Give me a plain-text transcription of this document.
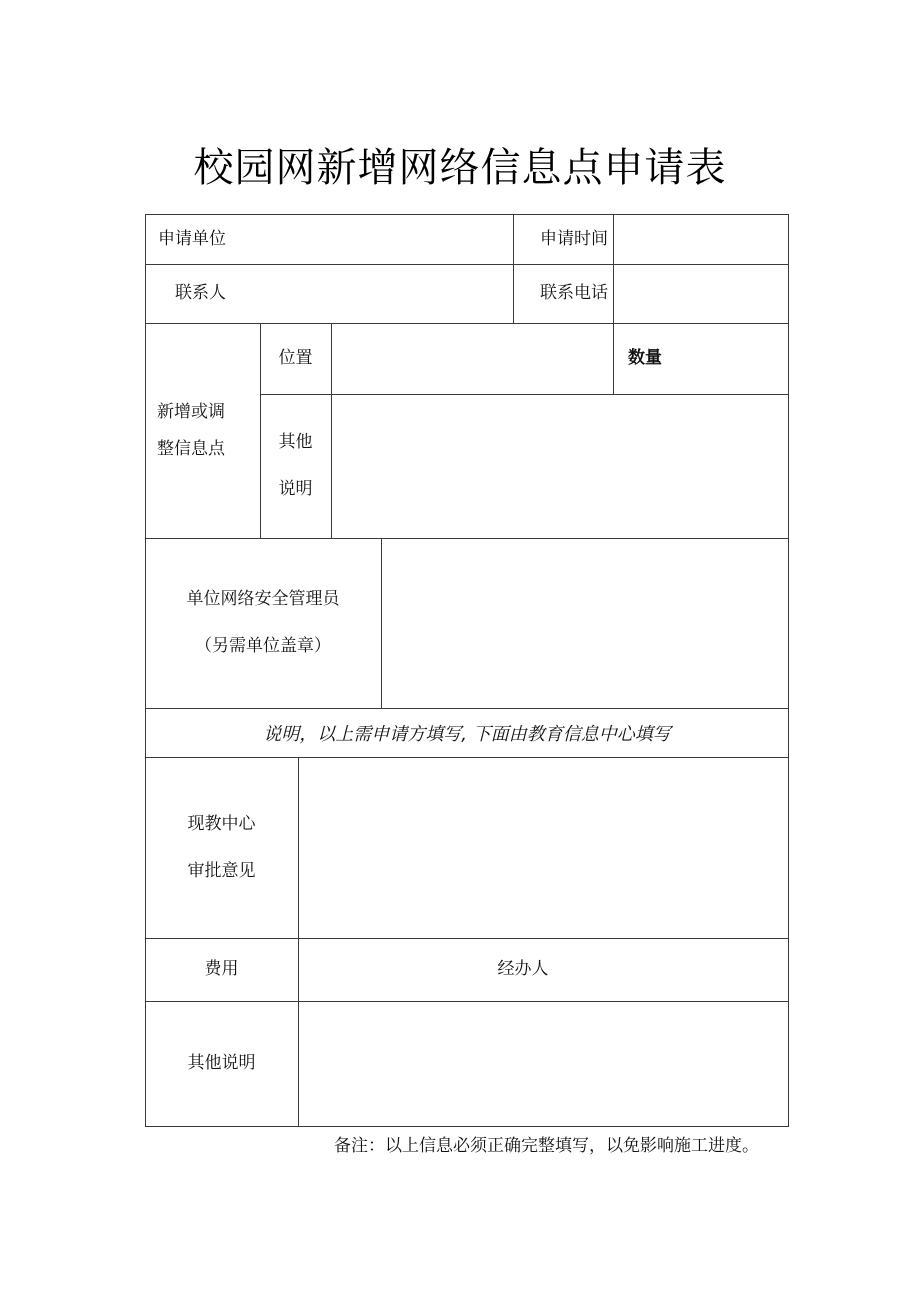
校园网新增网络信息点申请表
申请单位	申请时间
联系人	联系电话
新增或调
整信息点
位置	数量
其他
说明
单位网络安全管理员
（另需单位盖章）
说明，以上需申请方填写, 下面由教育信息中心填写
现教中心
审批意见
费用	经办人
其他说明
备注：以上信息必须正确完整填写，以免影响施工进度。
